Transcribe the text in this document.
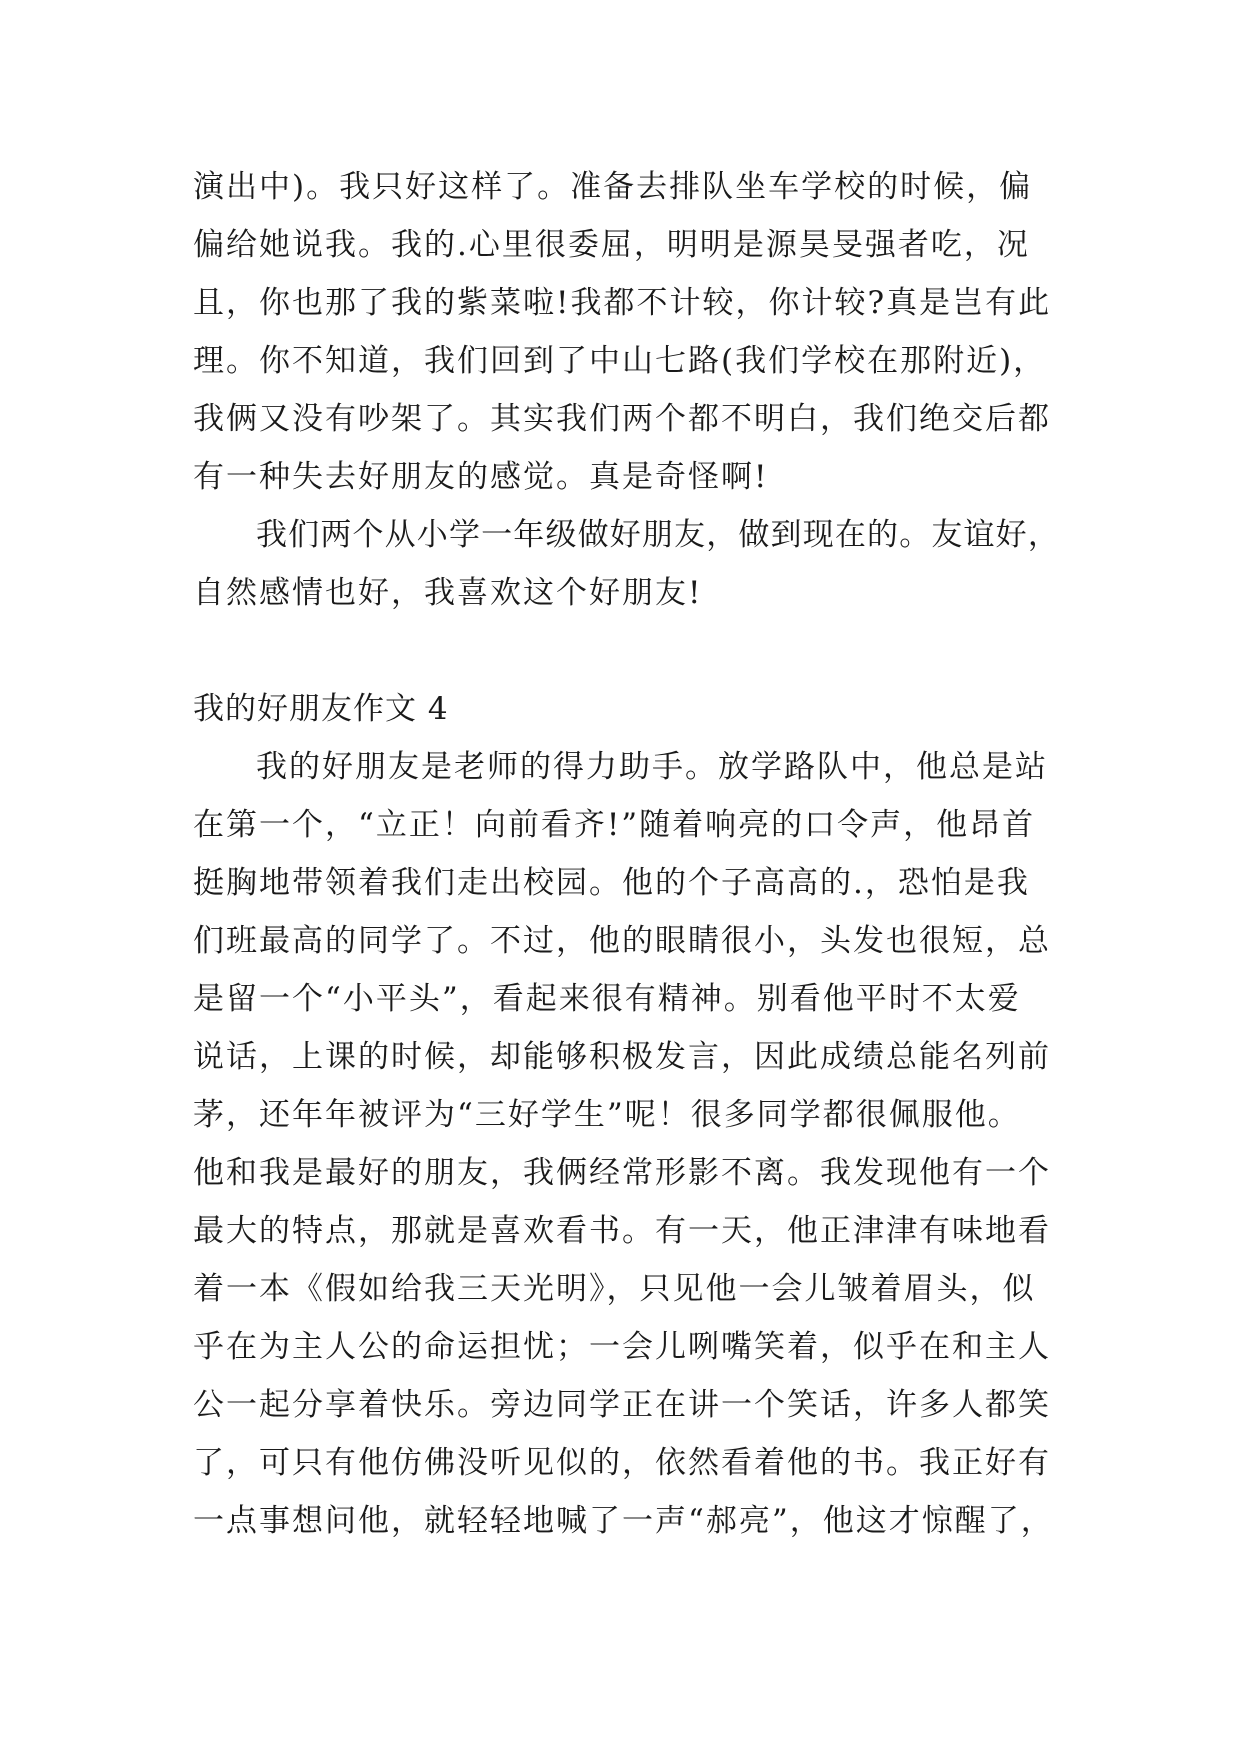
演出中)。我只好这样了。准备去排队坐车学校的时候，偏
偏给她说我。我的.心里很委屈，明明是源昊旻强者吃，况
且，你也那了我的紫菜啦!我都不计较，你计较?真是岂有此
理。你不知道，我们回到了中山七路(我们学校在那附近)，
我俩又没有吵架了。其实我们两个都不明白，我们绝交后都
有一种失去好朋友的感觉。真是奇怪啊!
我们两个从小学一年级做好朋友，做到现在的。友谊好，
自然感情也好，我喜欢这个好朋友!
我的好朋友作文 4
我的好朋友是老师的得力助手。放学路队中，他总是站
在第一个，“立正！向前看齐!”随着响亮的口令声，他昂首
挺胸地带领着我们走出校园。他的个子高高的.，恐怕是我
们班最高的同学了。不过，他的眼睛很小，头发也很短，总
是留一个“小平头”，看起来很有精神。别看他平时不太爱
说话，上课的时候，却能够积极发言，因此成绩总能名列前
茅，还年年被评为“三好学生”呢！很多同学都很佩服他。
他和我是最好的朋友，我俩经常形影不离。我发现他有一个
最大的特点，那就是喜欢看书。有一天，他正津津有味地看
着一本《假如给我三天光明》，只见他一会儿皱着眉头，似
乎在为主人公的命运担忧；一会儿咧嘴笑着，似乎在和主人
公一起分享着快乐。旁边同学正在讲一个笑话，许多人都笑
了，可只有他仿佛没听见似的，依然看着他的书。我正好有
一点事想问他，就轻轻地喊了一声“郝亮”，他这才惊醒了，
